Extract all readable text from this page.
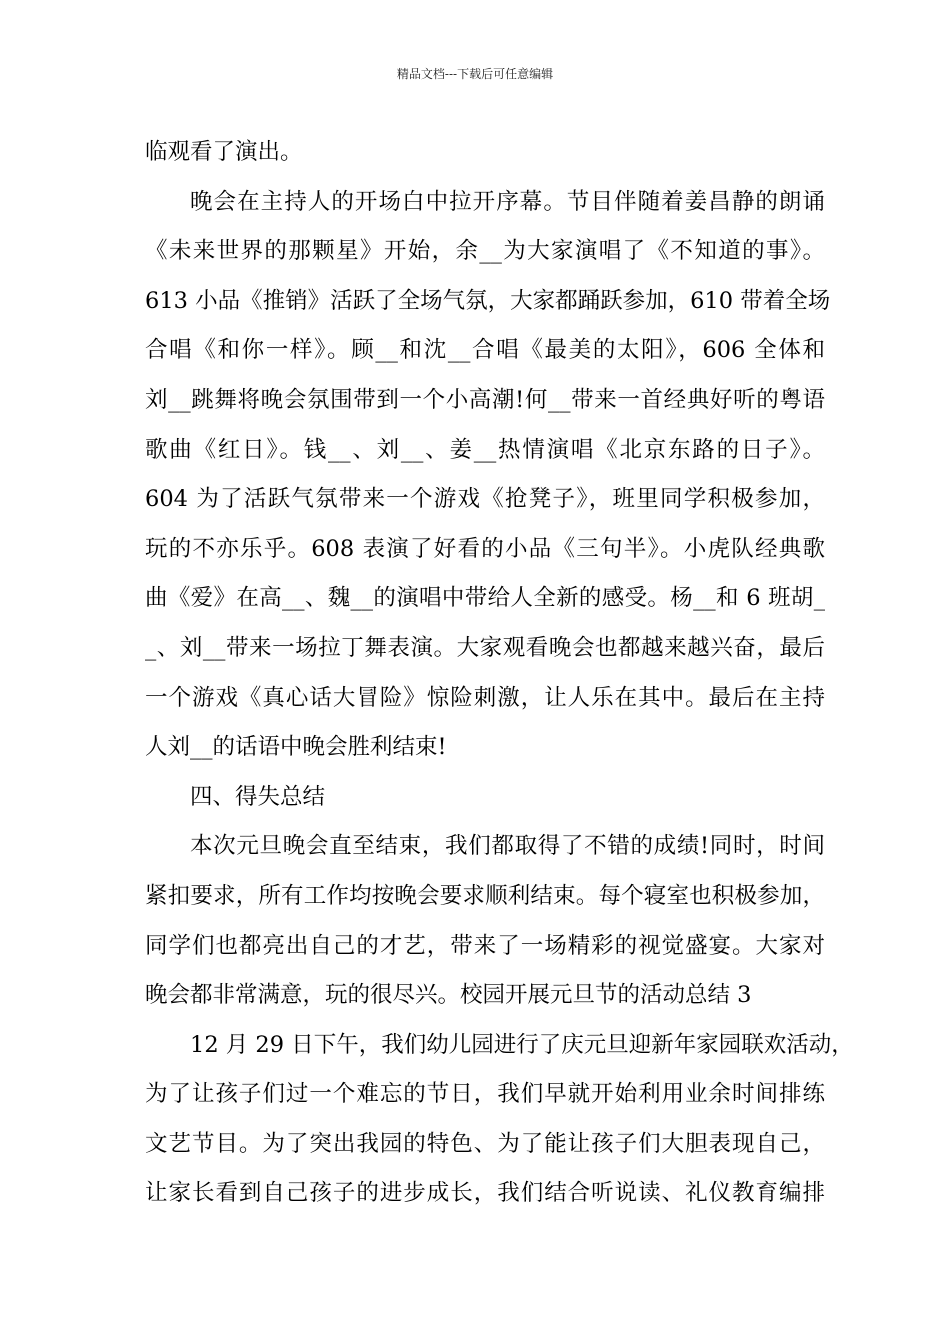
精品文档---下载后可任意编辑
临观看了演出。
晚会在主持人的开场白中拉开序幕。节目伴随着姜昌静的朗诵
《未来世界的那颗星》开始，余__为大家演唱了《不知道的事》。
613 小品《推销》活跃了全场气氛，大家都踊跃参加，610 带着全场
合唱《和你一样》。顾__和沈__合唱《最美的太阳》，606 全体和
刘__跳舞将晚会氛围带到一个小高潮!何__带来一首经典好听的粤语
歌曲《红日》。钱__、刘__、姜__热情演唱《北京东路的日子》。
604 为了活跃气氛带来一个游戏《抢凳子》，班里同学积极参加，
玩的不亦乐乎。608 表演了好看的小品《三句半》。小虎队经典歌
曲《爱》在高__、魏__的演唱中带给人全新的感受。杨__和 6 班胡_
_、刘__带来一场拉丁舞表演。大家观看晚会也都越来越兴奋，最后
一个游戏《真心话大冒险》惊险刺激，让人乐在其中。最后在主持
人刘__的话语中晚会胜利结束!
四、得失总结
本次元旦晚会直至结束，我们都取得了不错的成绩!同时，时间
紧扣要求，所有工作均按晚会要求顺利结束。每个寝室也积极参加，
同学们也都亮出自己的才艺，带来了一场精彩的视觉盛宴。大家对
晚会都非常满意，玩的很尽兴。校园开展元旦节的活动总结 3
12 月 29 日下午，我们幼儿园进行了庆元旦迎新年家园联欢活动，
为了让孩子们过一个难忘的节日，我们早就开始利用业余时间排练
文艺节目。为了突出我园的特色、为了能让孩子们大胆表现自己，
让家长看到自己孩子的进步成长，我们结合听说读、礼仪教育编排
